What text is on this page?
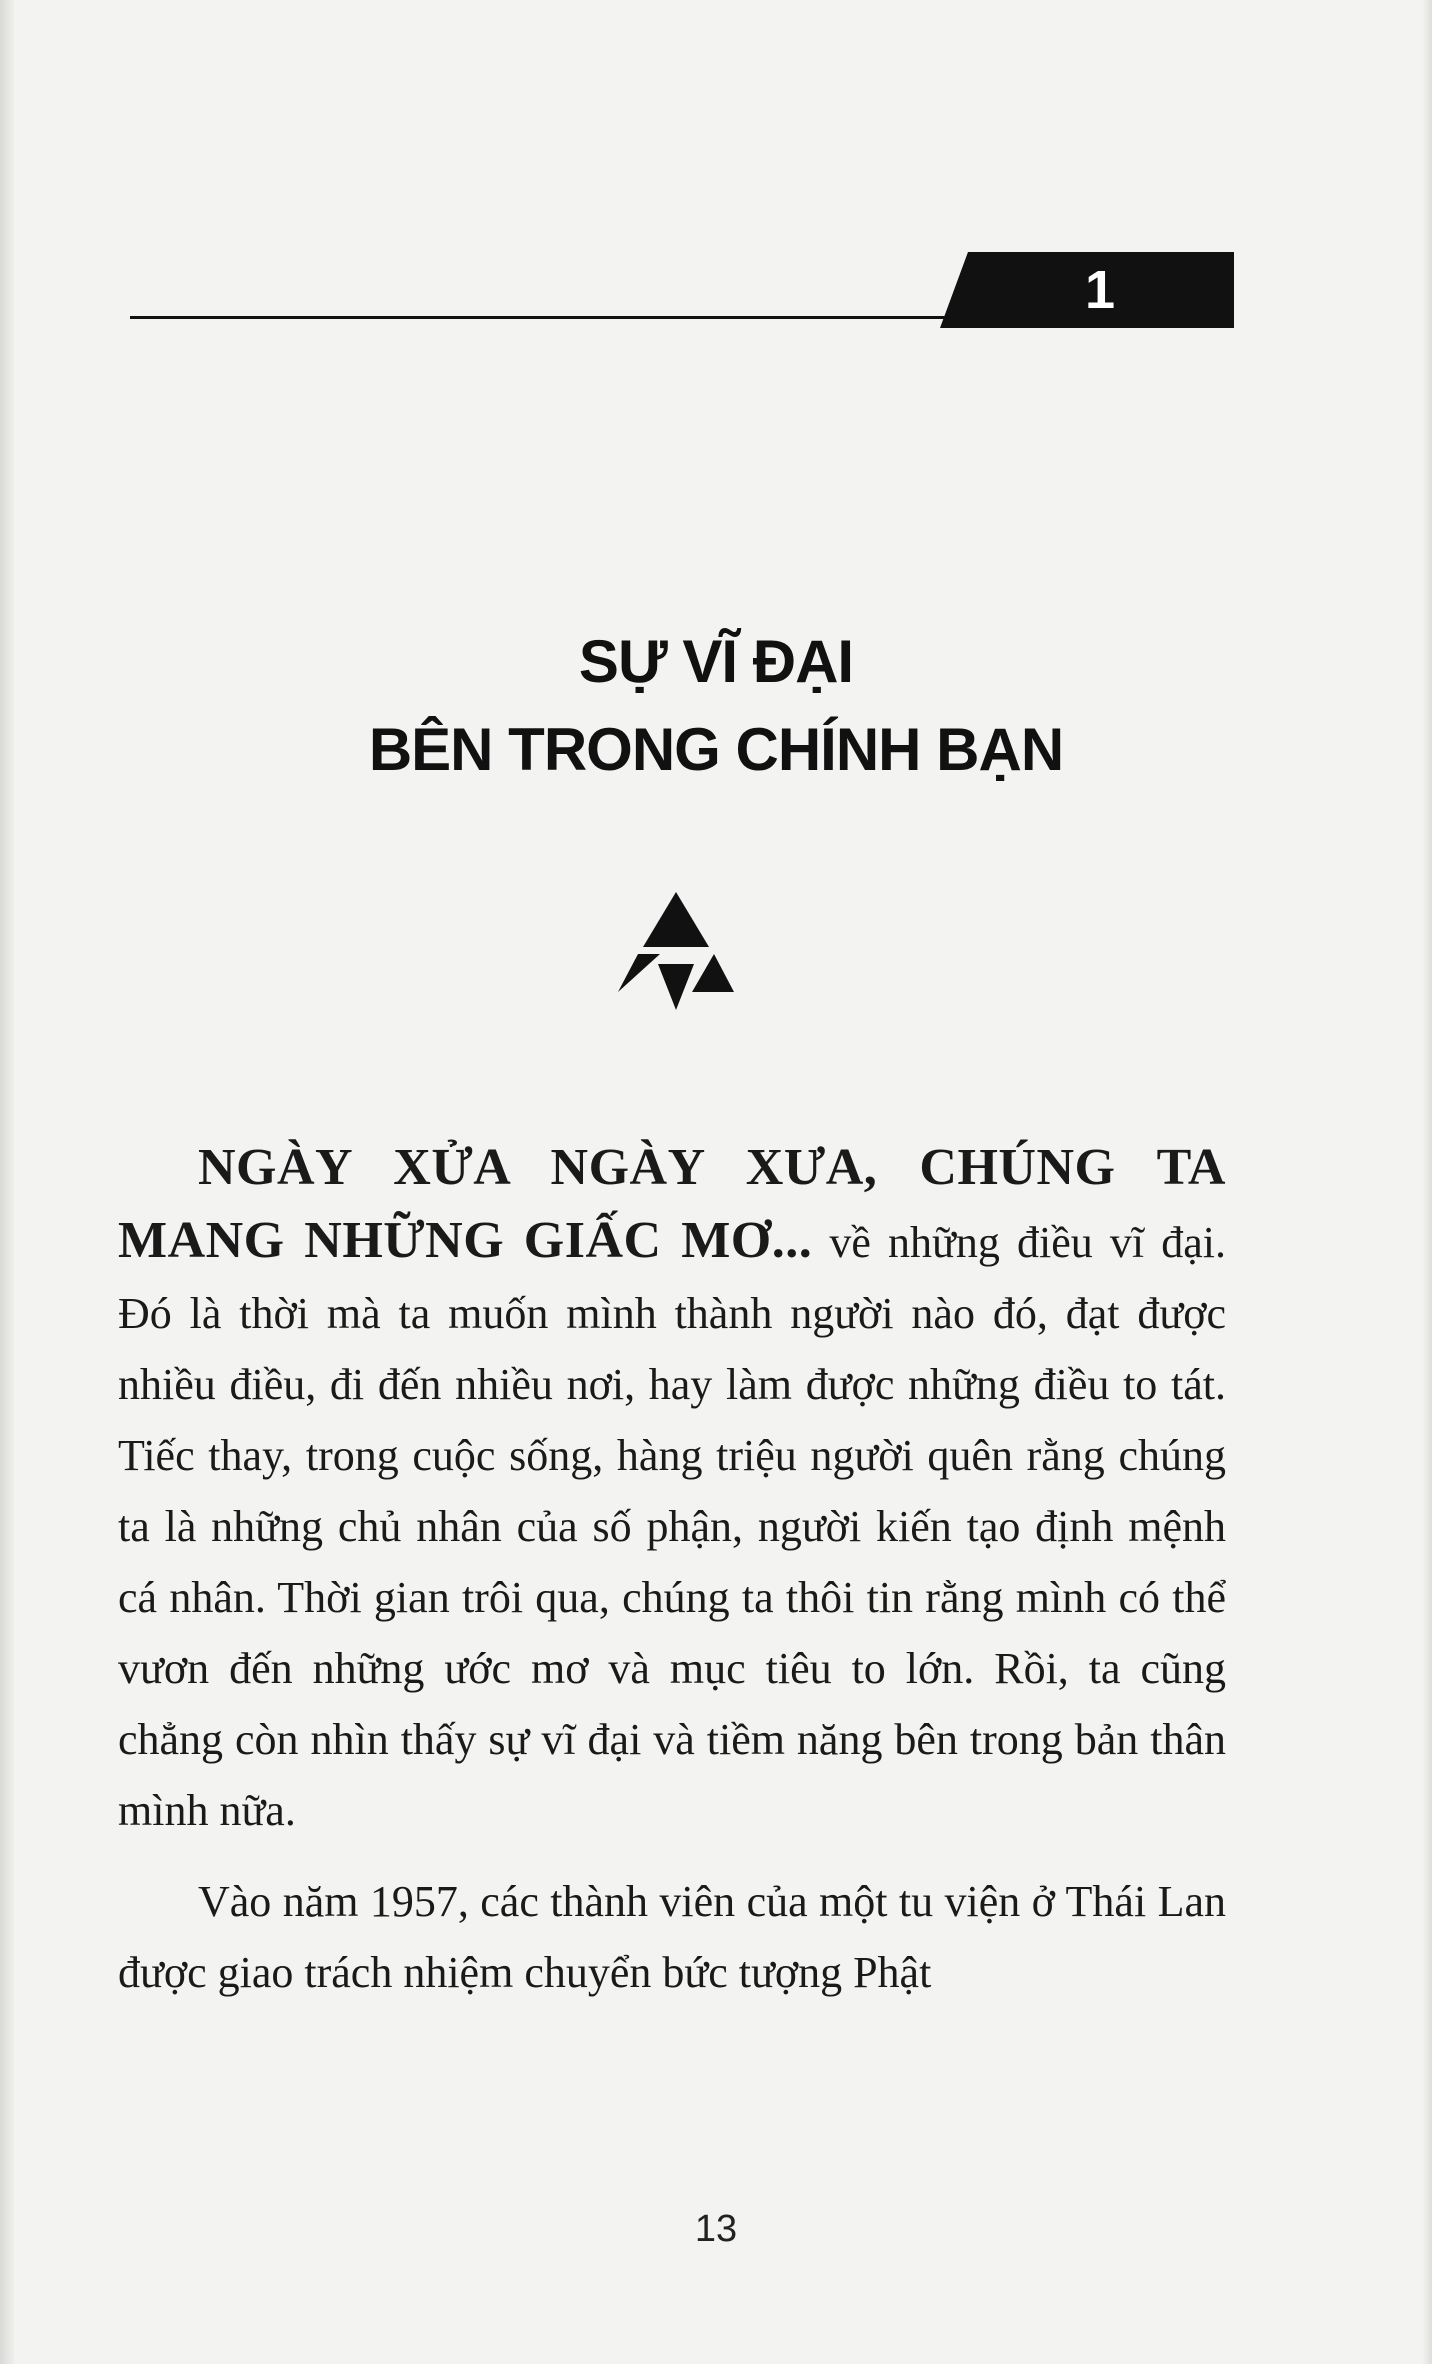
1
SỰ VĨ ĐẠI
BÊN TRONG CHÍNH BẠN

NGÀY XỬA NGÀY XƯA, CHÚNG TA MANG NHỮNG GIẤC MƠ... về những điều vĩ đại. Đó là thời mà ta muốn mình thành người nào đó, đạt được nhiều điều, đi đến nhiều nơi, hay làm được những điều to tát. Tiếc thay, trong cuộc sống, hàng triệu người quên rằng chúng ta là những chủ nhân của số phận, người kiến tạo định mệnh cá nhân. Thời gian trôi qua, chúng ta thôi tin rằng mình có thể vươn đến những ước mơ và mục tiêu to lớn. Rồi, ta cũng chẳng còn nhìn thấy sự vĩ đại và tiềm năng bên trong bản thân mình nữa.

Vào năm 1957, các thành viên của một tu viện ở Thái Lan được giao trách nhiệm chuyển bức tượng Phật

13
